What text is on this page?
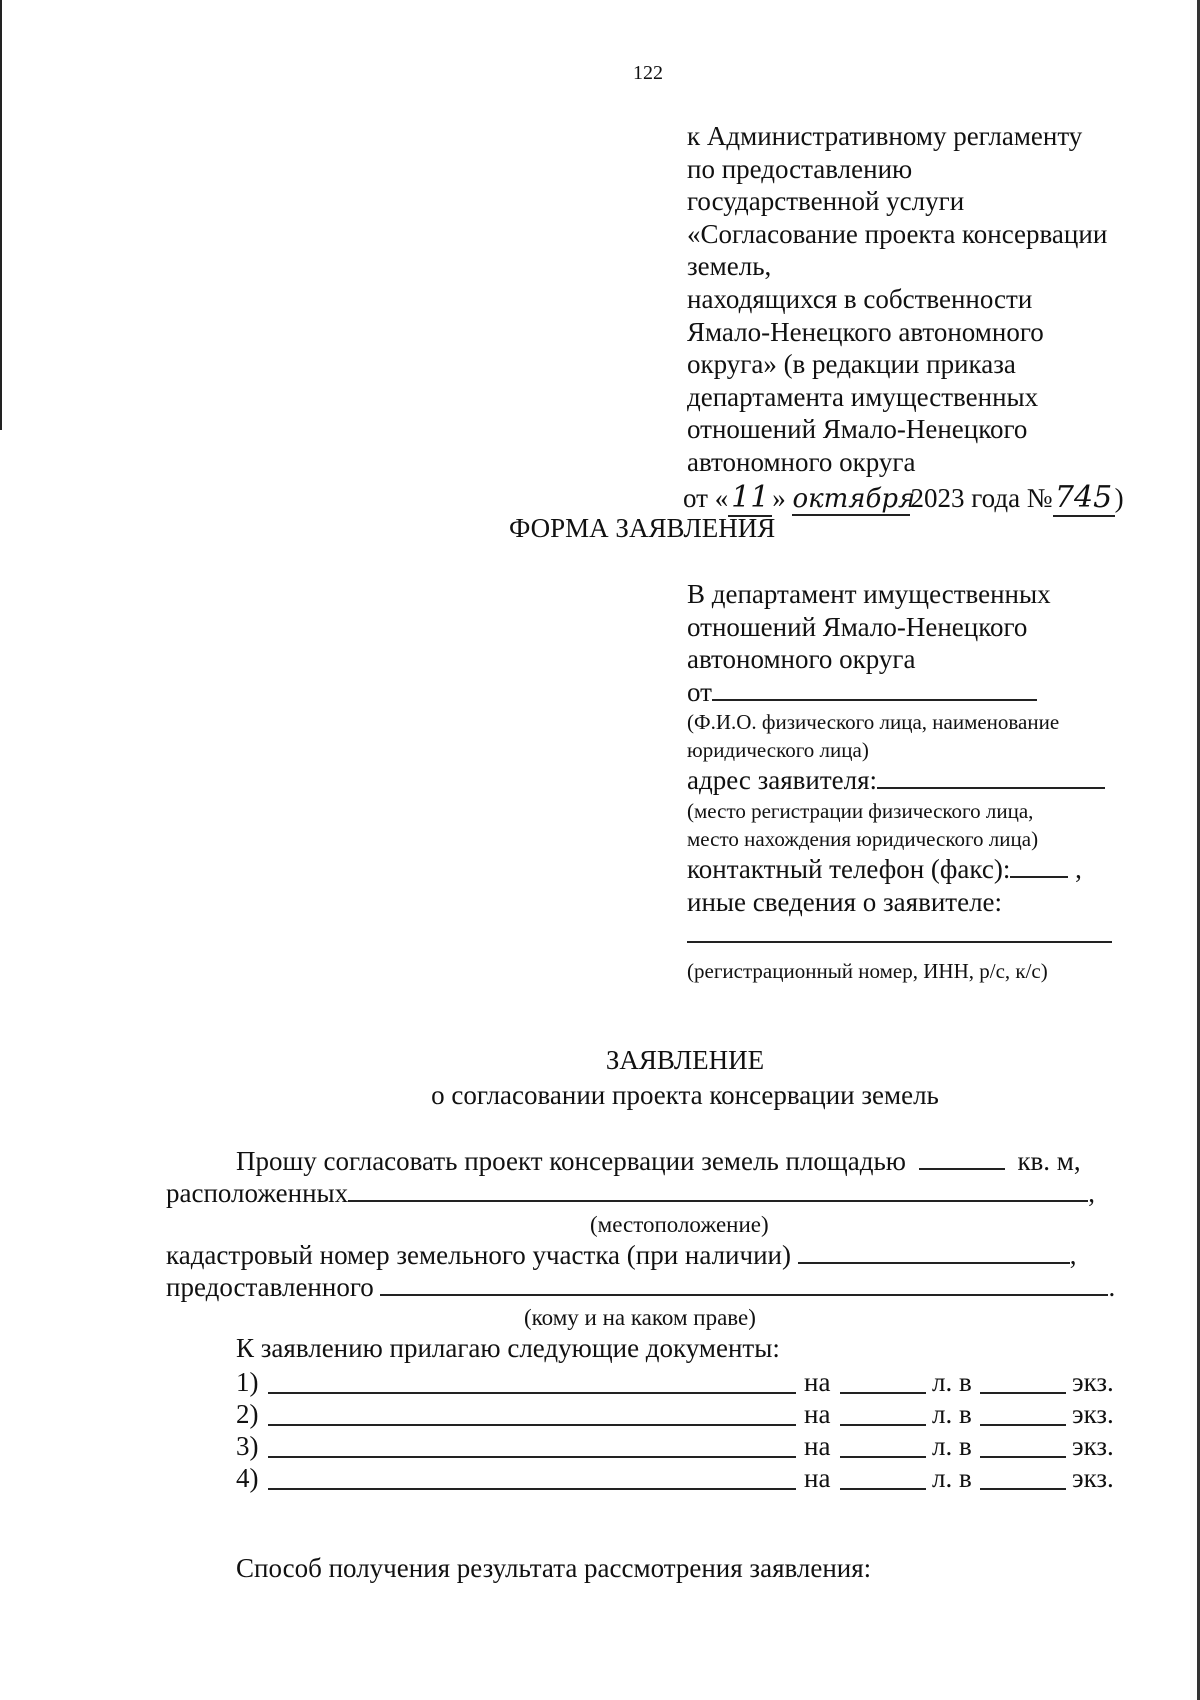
122
к Административному регламенту
по предоставлению
государственной услуги
«Согласование проекта консервации
земель,
находящихся в собственности
Ямало-Ненецкого автономного
округа» (в редакции приказа
департамента имущественных
отношений Ямало-Ненецкого
автономного округа
от «11 » октября2023 года №745)
ФОРМА ЗАЯВЛЕНИЯ
В департамент имущественных
отношений Ямало-Ненецкого
автономного округа
от
(Ф.И.О. физического лица, наименование
юридического лица)
адрес заявителя:
(место регистрации физического лица,
место нахождения юридического лица)
контактный телефон (факс): ,
иные сведения о заявителе:
(регистрационный номер, ИНН, р/с, к/с)
ЗАЯВЛЕНИЕ
о согласовании проекта консервации земель
Прошу согласовать проект консервации земель площадью	кв. м,
расположенных	,
(местоположение)
кадастровый номер земельного участка (при наличии)	,
предоставленного	.
(кому и на каком праве)
К заявлению прилагаю следующие документы:
1)	на	л. в	экз.
2)	на	л. в	экз.
3)	на	л. в	экз.
4)	на	л. в	экз.
Способ получения результата рассмотрения заявления:
